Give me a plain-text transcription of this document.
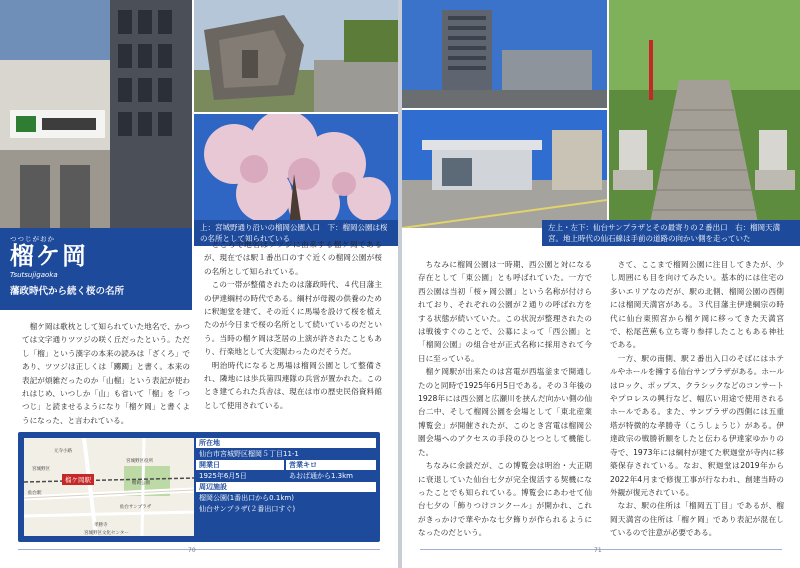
上：宮城野通り沿いの榴岡公園入口　下：榴岡公園は桜の名所として知られている
つつじがおか
榴ケ岡
Tsutsujigaoka
藩政時代から続く桜の名所

榴ケ岡は歌枕として知られていた地名で、かつては文字通りツツジの咲く丘だったという。ただし「榴」という漢字の本来の読みは「ざくろ」であり、ツツジは正しくは「躑躅」と書く。本来の表記が煩雑だったのか「山榴」という表記が使われはじめ、いつしか「山」も省いて「榴」を「つつじ」と読ませるようになり「榴ケ岡」と書くようになった、と言われている。

ところで地名はツツジに由来する榴ケ岡であるが、現在では駅１番出口のすぐ近くの榴岡公園が桜の名所として知られている。

この一帯が整備されたのは藩政時代、４代目藩主の伊達綱村の時代である。綱村が母親の供養のために釈迦堂を建て、その近くに馬場を設けて桜を植えたのが今日まで桜の名所として続いているのだという。当時の榴ケ岡は芝居の上演が許されたこともあり、行楽地として大変賑わったのだそうだ。

明治時代になると馬場は榴岡公園として整備され、隣地には歩兵第四連隊の兵営が置かれた。このとき建てられた兵舎は、現在は市の歴史民俗資料館として使用されている。

榴ケ岡駅
宮城野区役所
宮城野区
仙台サンプラザ
榴岡公園
仙台駅
元寺小路
孝勝寺
宮城野区文化センター
所在地
仙台市宮城野区榴岡５丁目11-1
開業日
1925年6月5日
営業キロ
あおば通から1.3km
周辺施設
榴岡公園(1番出口から0.1km)
仙台サンプラザ(２番出口すぐ)
70
左上・左下：仙台サンプラザとその最寄りの２番出口　右：榴岡天満宮。地上時代の仙石線は手前の道路の向かい側を走っていた

ちなみに榴岡公園は一時期、西公園と対になる存在として「東公園」とも呼ばれていた。一方で西公園は当初「桜ヶ岡公園」という名称が付けられており、それぞれの公園が２通りの呼ばれ方をする状態が続いていた。この状況が整理されたのは戦後すぐのことで、公募によって「西公園」と「榴岡公園」の組合せが正式名称に採用されて今日に至っている。

榴ケ岡駅が出来たのは宮電が西塩釜まで開通したのと同時で1925年6月5日である。その３年後の1928年には西公園と広瀬川を挟んだ向かい側の仙台二中、そして榴岡公園を会場として「東北産業博覧会」が開催されたが、このとき宮電は榴岡公園会場へのアクセスの手段のひとつとして機能した。

ちなみに余談だが、この博覧会は明治・大正期に衰退していた仙台七夕が完全復活する契機になったことでも知られている。博覧会にあわせて仙台七夕の「飾りつけコンクール」が開かれ、これがきっかけで華やかな七夕飾りが作られるようになったのだという。

さて、ここまで榴岡公園に注目してきたが、少し周囲にも目を向けてみたい。基本的には住宅の多いエリアなのだが、駅の北側、榴岡公園の西側には榴岡天満宮がある。３代目藩主伊達綱宗の時代に仙台東照宮から榴ケ岡に移ってきた天満宮で、松尾芭蕉も立ち寄り参拝したこともある神社である。

一方、駅の南側、駅２番出入口のそばにはホテルやホールを擁する仙台サンプラザがある。ホールはロック、ポップス、クラシックなどのコンサートやプロレスの興行など、幅広い用途で使用されるホールである。また、サンプラザの西側には五重塔が特徴的な孝勝寺（こうしょうじ）がある。伊達政宗の戦勝祈願をしたと伝わる伊達家ゆかりの寺で、1973年には綱村が建てた釈迦堂が寺内に移築保存されている。なお、釈迦堂は2019年から2022年4月まで修復工事が行なわれ、創建当時の外観が復元されている。

なお、駅の住所は「榴岡五丁目」であるが、榴岡天満宮の住所は「榴ケ岡」であり表記が混在しているので注意が必要である。

71
